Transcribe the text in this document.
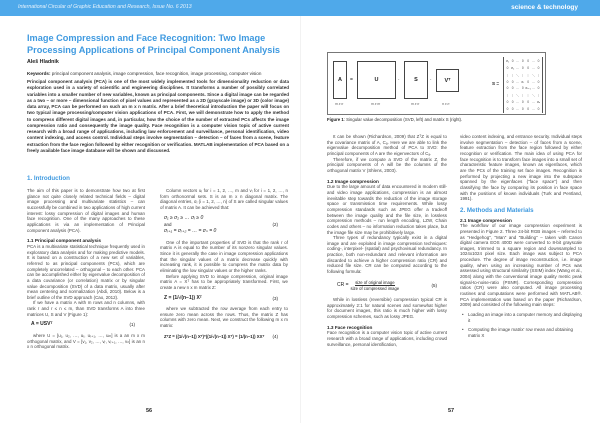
International Circular of Graphic Education and Research, Issue No. 6 2013	science & technology
Image Compression and Face Recognition: Two Image Processing Applications of Principal Component Analysis
Aleš Hladnik
Keywords: principal component analysis, image compression, face recognition, image processing, computer vision
Principal component analysis (PCA) is one of the most widely implemented tools for dimensionality reduction or data exploration used in a variety of scientific and engineering disciplines. It transforms a number of possibly correlated variables into a smaller number of new variables, known as principal components. Since a digital image can be regarded as a two – or more – dimensional function of pixel values and represented as a 2D (grayscale image) or 3D (color image) data array, PCA can be performed on such an m x n matrix. After a brief theoretical introduction the paper will focus on two typical image processing/computer vision applications of PCA. First, we will demonstrate how to apply the method to compress different digital images and, in particular, how the choice of the number of extracted PCs affects the image compression ratio and consequently the image quality. Face recognition is a computer vision topic of active current research with a broad range of applications, including law enforcement and surveillance, personal identification, video content indexing, and access control. Individual steps involve segmentation – detection – of faces from a scene, feature extraction from the face region followed by either recognition or verification. MATLAB implementation of PCA based on a freely available face image database will be shown and discussed.
1. Introduction

The aim of this paper is to demonstrate how two at first glance not quite closely related technical fields – digital image processing and multivariate statistics – can successfully be combined in two applications of high current interest: lossy compression of digital images and human face recognition. One of the many approaches to these applications is via an implementation of Principal component analysis (PCA).

1.1 Principal component analysis

PCA is a multivariate statistical technique frequently used in exploratory data analysis and for making predictive models. It is based on a construction of a new set of variables, referred to as principal components (PCs), which are completely uncorrelated – orthogonal – to each other. PCA can be accomplished either by eigenvalue decomposition of a data covariance (or correlation) matrix or by singular value decomposition (SVD) of a data matrix, usually after mean centering and normalization (Abdi, 2010). Below is a brief outline of the SVD approach (Cao, 2012).

If we have a matrix A with m rows and n columns, with rank r and r ≤ n ≤ m, than SVD transforms A into three matrices U, S and V (Figure 1):

A = USVᵀ	(1)

where U = [u₁, u₂, …, uᵣ, uᵣ₊₁, …, uₘ] is a an m x m orthogonal matrix, and V = [v₁, v₂, …, vᵣ, vᵣ₊₁, …, vₙ] is an n x n orthogonal matrix.

Column vectors uᵢ for i = 1, 2, …, m and vᵢ for i = 1, 2, …, n form orthonormal sets. S is an m x n diagonal matrix. The diagonal entries, σᵢ (i = 1, 2, …, n) of S are called singular values of matrix A. It can be achieved that:

σ₁ ≥ σ₂ ≥ … σᵣ ≥ 0
and	(2)
σᵣ₊₁ = σᵣ₊₂ = … = σₙ = 0

One of the important properties of SVD is that the rank r of matrix A is equal to the number of its nonzero singular values. Since it is generally the case in image compression applications that the singular values of a matrix decrease quickly with increasing rank, it is possible to compress the matrix data by eliminating the low singular values or the higher ranks.

Before applying SVD to image compression, original image matrix A = Xᵀ has to be appropriately transformed. First, we create a new n x m matrix Z:

Z = (1/√(n−1)) Xᵀ	(3)

where we subtracted the row average from each entry to ensure zero mean across the rows. Thus, the matrix Z has columns with zero mean. Next, we construct the following m x m matrix:

ZᵀZ = ((1/√(n−1)) Xᵀ)ᵀ((1/√(n−1)) Xᵀ) = (1/(n−1)) XXᵀ (4)
56
A	=	U	·	S	·	Vᵀ
m x n	m x m	m x n	n x n
S =
σ₁ 0 … 0 0 … 0
0 σ₂ … 0 0 … 0
⋮ ⋮ ⋱ ⋮ ⋮ ⋱ ⋮
0 0 … σᵣ 0 … 0
0 0 … 0 σᵣ₊₁ … 0
⋮ ⋮ ⋱ ⋮ ⋮ ⋱ ⋮
0 0 … 0 0 … σₙ
0 0 … 0 0 … 0
Figure 1: Singular value decomposition (SVD, left) and matrix S (right).

It can be shown (Richardson, 2009) that ZᵀZ is equal to the covariance matrix of A, Cₐ. Here we are able to link the eigenvalue decomposition method of PCA to SVD: the principal components of A are the eigenvectors of Cₐ.

Therefore, if we compute a SVD of the matrix Z, the principal components of A will be the columns of the orthogonal matrix V (Shlens, 2003).

1.2 Image compression

Due to the large amount of data encountered in modern still- and video image applications, compression is an almost inevitable step towards the reduction of the image storage space or transmission time requirements. While lossy compression standards such as JPEG offer a tradeoff between the image quality and the file size, in lossless compression methods – run length encoding, LZW, Chain codes and others – no information reduction takes place, but the image file size may be prohibitively large.

Three types of redundancy typically exist in a digital image and are exploited in image compression techniques: coding-, interpixel- (spatial) and psychovisual redundancy. In practice, both non-redundant and relevant information are discarded to achieve a higher compression ratio (CR) and reduced file size. CR can be computed according to the following formula:

CR = size of original image
size of compressed image
(5)

While in lossless (reversible) compression typical CR is approximately 2:1 for natural scenes and somewhat higher for document images, this ratio is much higher with lossy compression schemes, such as lossy JPEG.

1.3 Face recognition

Face recognition is a computer vision topic of active current research with a broad range of applications, including crowd surveillance, personal identification,

video content indexing, and entrance security. Individual steps involve segmentation – detection – of faces from a scene, feature extraction from the face region followed by either recognition or verification. The main idea of using PCA for face recognition is to transform face images into a small set of characteristic feature images, known as eigenfaces, which are the PCs of the training set face images. Recognition is performed by projecting a new image into the subspace spanned by the eigenfaces ("face space") and then classifying the face by comparing its position in face space with the positions of known individuals (Turk and Pentland, 1991).

2. Methods and Materials
2.1 Image compression

The workflow of our image compression experiment is presented in Figure 2. Three 24-bit RGB images – referred to as "Hedgehog", "Man" and "Building" – taken with Canon digital camera EOS 400D were converted to 8-bit grayscale images, trimmed to a square region and downsampled to 1024x1024 pixel size. Each image was subject to PCA procedure. The degree of image reconstruction, i.e. image quality, when using an increasing number of PCs was assessed using structural similarity (SSIM) index (Wang et al., 2004) along with the conventional image quality metric peak signal-to-noise-ratio (PSNR). Corresponding compression ratios (CR) were also computed. All image processing routines and computations were performed with MATLAB®. PCA implementation was based on the paper (Richardson, 2009) and consisted of the following main steps:

• Loading an image into a computer memory and displaying it
• Computing the image matrix' row mean and obtaining matrix X
57
